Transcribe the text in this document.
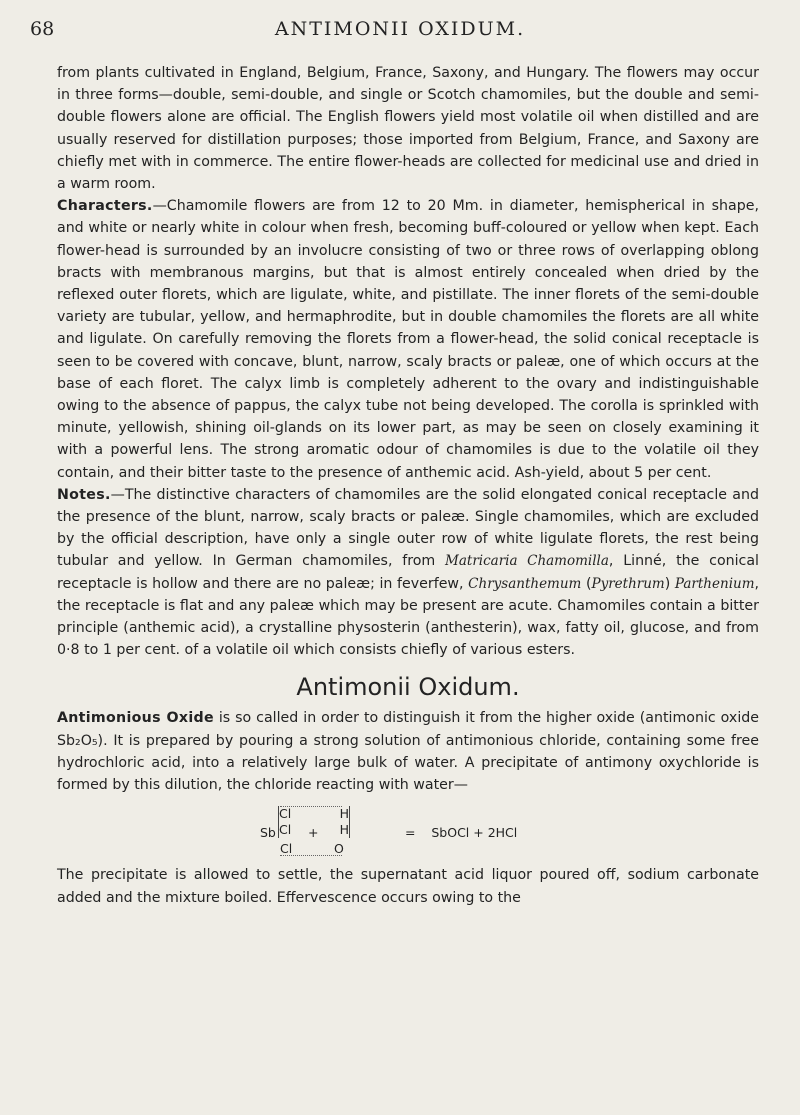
68	ANTIMONII OXIDUM.

from plants cultivated in England, Belgium, France, Saxony, and Hungary. The flowers may occur in three forms—double, semi-double, and single or Scotch chamomiles, but the double and semi-double flowers alone are official. The English flowers yield most volatile oil when distilled and are usually reserved for distillation purposes; those imported from Belgium, France, and Saxony are chiefly met with in commerce. The entire flower-heads are collected for medicinal use and dried in a warm room.

Characters.—Chamomile flowers are from 12 to 20 Mm. in diameter, hemispherical in shape, and white or nearly white in colour when fresh, becoming buff-coloured or yellow when kept. Each flower-head is surrounded by an involucre consisting of two or three rows of overlapping oblong bracts with membranous margins, but that is almost entirely concealed when dried by the reflexed outer florets, which are ligulate, white, and pistillate. The inner florets of the semi-double variety are tubular, yellow, and hermaphrodite, but in double chamomiles the florets are all white and ligulate. On carefully removing the florets from a flower-head, the solid conical receptacle is seen to be covered with concave, blunt, narrow, scaly bracts or paleæ, one of which occurs at the base of each floret. The calyx limb is completely adherent to the ovary and indistinguishable owing to the absence of pappus, the calyx tube not being developed. The corolla is sprinkled with minute, yellowish, shining oil-glands on its lower part, as may be seen on closely examining it with a powerful lens. The strong aromatic odour of chamomiles is due to the volatile oil they contain, and their bitter taste to the presence of anthemic acid. Ash-yield, about 5 per cent.

Notes.—The distinctive characters of chamomiles are the solid elongated conical receptacle and the presence of the blunt, narrow, scaly bracts or paleæ. Single chamomiles, which are excluded by the official description, have only a single outer row of white ligulate florets, the rest being tubular and yellow. In German chamomiles, from Matricaria Chamomilla, Linné, the conical receptacle is hollow and there are no paleæ; in feverfew, Chrysanthemum (Pyrethrum) Parthenium, the receptacle is flat and any paleæ which may be present are acute. Chamomiles contain a bitter principle (anthemic acid), a crystalline physosterin (anthesterin), wax, fatty oil, glucose, and from 0·8 to 1 per cent. of a volatile oil which consists chiefly of various esters.

Antimonii Oxidum.

Antimonious Oxide is so called in order to distinguish it from the higher oxide (antimonic oxide Sb₂O₅). It is prepared by pouring a strong solution of antimonious chloride, containing some free hydrochloric acid, into a relatively large bulk of water. A precipitate of antimony oxychloride is formed by this dilution, the chloride reacting with water—

Sb
Cl
Cl
Cl
+
H
H
O
=    SbOCl + 2HCl

The precipitate is allowed to settle, the supernatant acid liquor poured off, sodium carbonate added and the mixture boiled. Effervescence occurs owing to the
